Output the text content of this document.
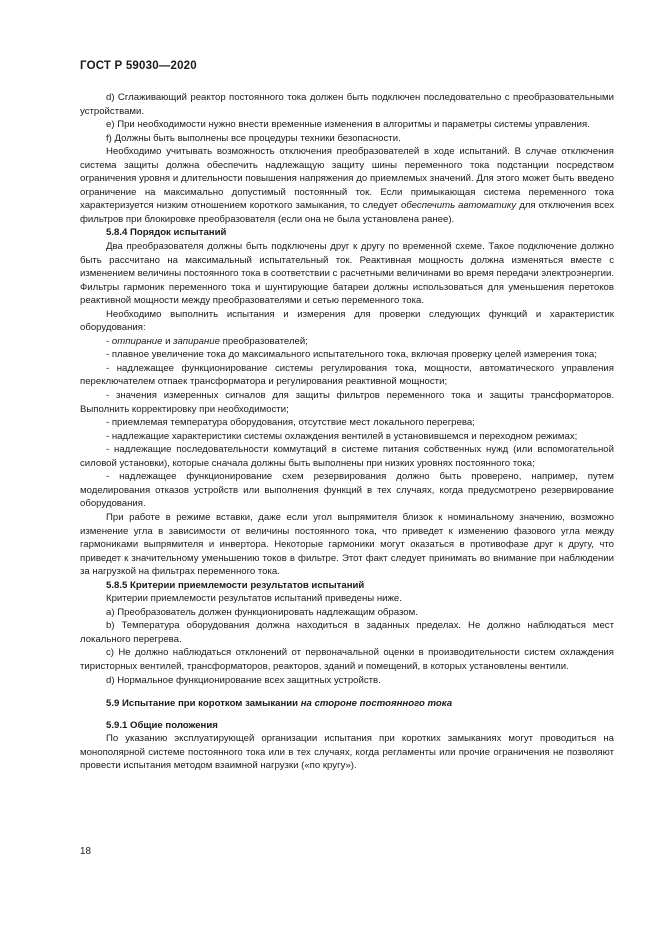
ГОСТ Р 59030—2020

d) Сглаживающий реактор постоянного тока должен быть подключен последовательно с преобразовательными устройствами.

e) При необходимости нужно внести временные изменения в алгоритмы и параметры системы управления.

f) Должны быть выполнены все процедуры техники безопасности.

Необходимо учитывать возможность отключения преобразователей в ходе испытаний. В случае отключения система защиты должна обеспечить надлежащую защиту шины переменного тока подстанции посредством ограничения уровня и длительности повышения напряжения до приемлемых значений. Для этого может быть введено ограничение на максимально допустимый постоянный ток. Если примыкающая система переменного тока характеризуется низким отношением короткого замыкания, то следует обеспечить автоматику для отключения всех фильтров при блокировке преобразователя (если она не была установлена ранее).

5.8.4 Порядок испытаний

Два преобразователя должны быть подключены друг к другу по временной схеме. Такое подключение должно быть рассчитано на максимальный испытательный ток. Реактивная мощность должна изменяться вместе с изменением величины постоянного тока в соответствии с расчетными величинами во время передачи электроэнергии. Фильтры гармоник переменного тока и шунтирующие батареи должны использоваться для уменьшения перетоков реактивной мощности между преобразователями и сетью переменного тока.

Необходимо выполнить испытания и измерения для проверки следующих функций и характеристик оборудования:

- отпирание и запирание преобразователей;

- плавное увеличение тока до максимального испытательного тока, включая проверку целей измерения тока;

- надлежащее функционирование системы регулирования тока, мощности, автоматического управления переключателем отпаек трансформатора и регулирования реактивной мощности;

- значения измеренных сигналов для защиты фильтров переменного тока и защиты трансформаторов. Выполнить корректировку при необходимости;

- приемлемая температура оборудования, отсутствие мест локального перегрева;

- надлежащие характеристики системы охлаждения вентилей в установившемся и переходном режимах;

- надлежащие последовательности коммутаций в системе питания собственных нужд (или вспомогательной силовой установки), которые сначала должны быть выполнены при низких уровнях постоянного тока;

- надлежащее функционирование схем резервирования должно быть проверено, например, путем моделирования отказов устройств или выполнения функций в тех случаях, когда предусмотрено резервирование оборудования.

При работе в режиме вставки, даже если угол выпрямителя близок к номинальному значению, возможно изменение угла в зависимости от величины постоянного тока, что приведет к изменению фазового угла между гармониками выпрямителя и инвертора. Некоторые гармоники могут оказаться в противофазе друг к другу, что приведет к значительному уменьшению токов в фильтре. Этот факт следует принимать во внимание при наблюдении за нагрузкой на фильтрах переменного тока.

5.8.5 Критерии приемлемости результатов испытаний

Критерии приемлемости результатов испытаний приведены ниже.

a) Преобразователь должен функционировать надлежащим образом.

b) Температура оборудования должна находиться в заданных пределах. Не должно наблюдаться мест локального перегрева.

c) Не должно наблюдаться отклонений от первоначальной оценки в производительности систем охлаждения тиристорных вентилей, трансформаторов, реакторов, зданий и помещений, в которых установлены вентили.

d) Нормальное функционирование всех защитных устройств.

5.9 Испытание при коротком замыкании на стороне постоянного тока

5.9.1 Общие положения

По указанию эксплуатирующей организации испытания при коротких замыканиях могут проводиться на монополярной системе постоянного тока или в тех случаях, когда регламенты или прочие ограничения не позволяют провести испытания методом взаимной нагрузки («по кругу»).

18
